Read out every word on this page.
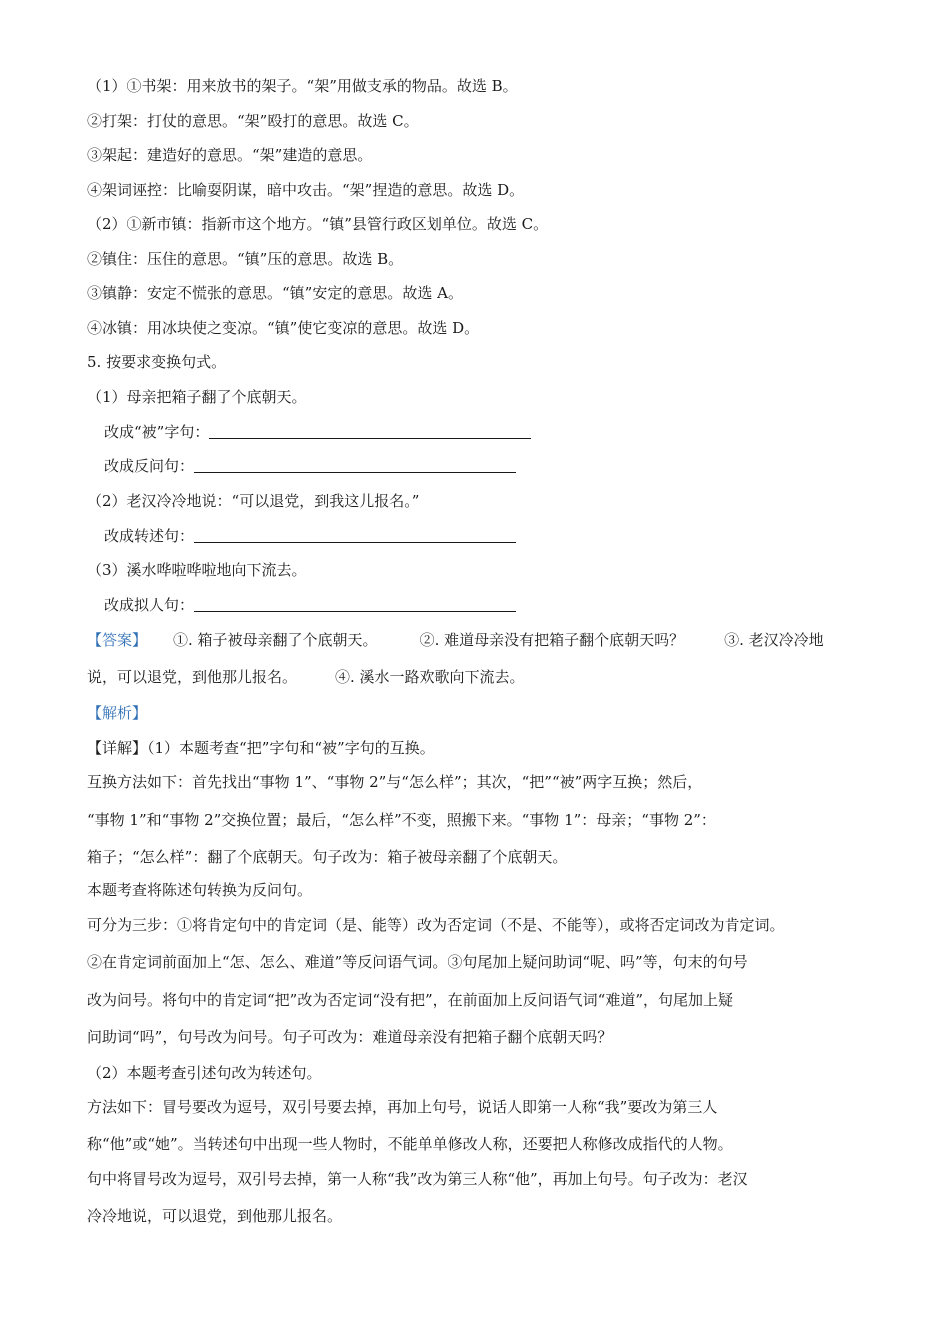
（1）①书架：用来放书的架子。“架”用做支承的物品。故选 B。
②打架：打仗的意思。“架”殴打的意思。故选 C。
③架起：建造好的意思。“架”建造的意思。
④架词诬控：比喻耍阴谋，暗中攻击。“架”捏造的意思。故选 D。
（2）①新市镇：指新市这个地方。“镇”县管行政区划单位。故选 C。
②镇住：压住的意思。“镇”压的意思。故选 B。
③镇静：安定不慌张的意思。“镇”安定的意思。故选 A。
④冰镇：用冰块使之变凉。“镇”使它变凉的意思。故选 D。
5. 按要求变换句式。
（1）母亲把箱子翻了个底朝天。
改成“被”字句：
改成反问句：
（2）老汉冷冷地说：“可以退党，到我这儿报名。”
改成转述句：
（3）溪水哗啦哗啦地向下流去。
改成拟人句：
【答案】 ①. 箱子被母亲翻了个底朝天。	②. 难道母亲没有把箱子翻个底朝天吗？	③. 老汉冷冷地
说，可以退党，到他那儿报名。	④. 溪水一路欢歌向下流去。
【解析】
【详解】（1）本题考查“把”字句和“被”字句的互换。
互换方法如下：首先找出“事物 1”、“事物 2”与“怎么样”；其次，“把”“被”两字互换；然后，
“事物 1”和“事物 2”交换位置；最后，“怎么样”不变，照搬下来。“事物 1”：母亲；“事物 2”：
箱子；“怎么样”：翻了个底朝天。句子改为：箱子被母亲翻了个底朝天。
本题考查将陈述句转换为反问句。
可分为三步：①将肯定句中的肯定词（是、能等）改为否定词（不是、不能等），或将否定词改为肯定词。
②在肯定词前面加上“怎、怎么、难道”等反问语气词。③句尾加上疑问助词“呢、吗”等，句末的句号
改为问号。将句中的肯定词“把”改为否定词“没有把”，在前面加上反问语气词“难道”，句尾加上疑
问助词“吗”，句号改为问号。句子可改为：难道母亲没有把箱子翻个底朝天吗？
（2）本题考查引述句改为转述句。
方法如下：冒号要改为逗号，双引号要去掉，再加上句号，说话人即第一人称“我”要改为第三人
称“他”或“她”。当转述句中出现一些人物时，不能单单修改人称，还要把人称修改成指代的人物。
句中将冒号改为逗号，双引号去掉，第一人称“我”改为第三人称“他”，再加上句号。句子改为：老汉
冷冷地说，可以退党，到他那儿报名。
